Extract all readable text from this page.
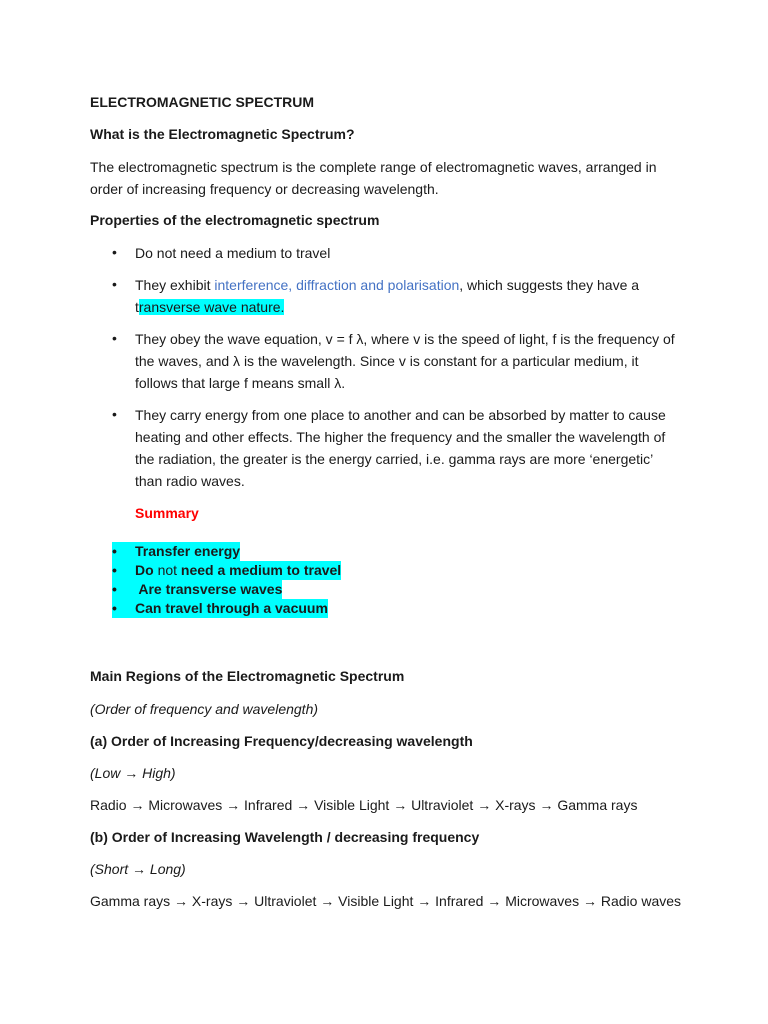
ELECTROMAGNETIC SPECTRUM
What is the Electromagnetic Spectrum?
The electromagnetic spectrum is the complete range of electromagnetic waves, arranged in
order of increasing frequency or decreasing wavelength.
Properties of the electromagnetic spectrum
• Do not need a medium to travel
• They exhibit interference, diffraction and polarisation, which suggests they have a
transverse wave nature.
• They obey the wave equation, v = f λ, where v is the speed of light, f is the frequency of
the waves, and λ is the wavelength. Since v is constant for a particular medium, it
follows that large f means small λ.
• They carry energy from one place to another and can be absorbed by matter to cause
heating and other effects. The higher the frequency and the smaller the wavelength of
the radiation, the greater is the energy carried, i.e. gamma rays are more ‘energetic’
than radio waves.
Summary
• Transfer energy
• Do not need a medium to travel
• Are transverse waves
• Can travel through a vacuum
Main Regions of the Electromagnetic Spectrum
(Order of frequency and wavelength)
(a) Order of Increasing Frequency/decreasing wavelength
(Low → High)
Radio → Microwaves → Infrared → Visible Light → Ultraviolet → X-rays → Gamma rays
(b) Order of Increasing Wavelength / decreasing frequency
(Short → Long)
Gamma rays → X-rays → Ultraviolet → Visible Light → Infrared → Microwaves → Radio waves
